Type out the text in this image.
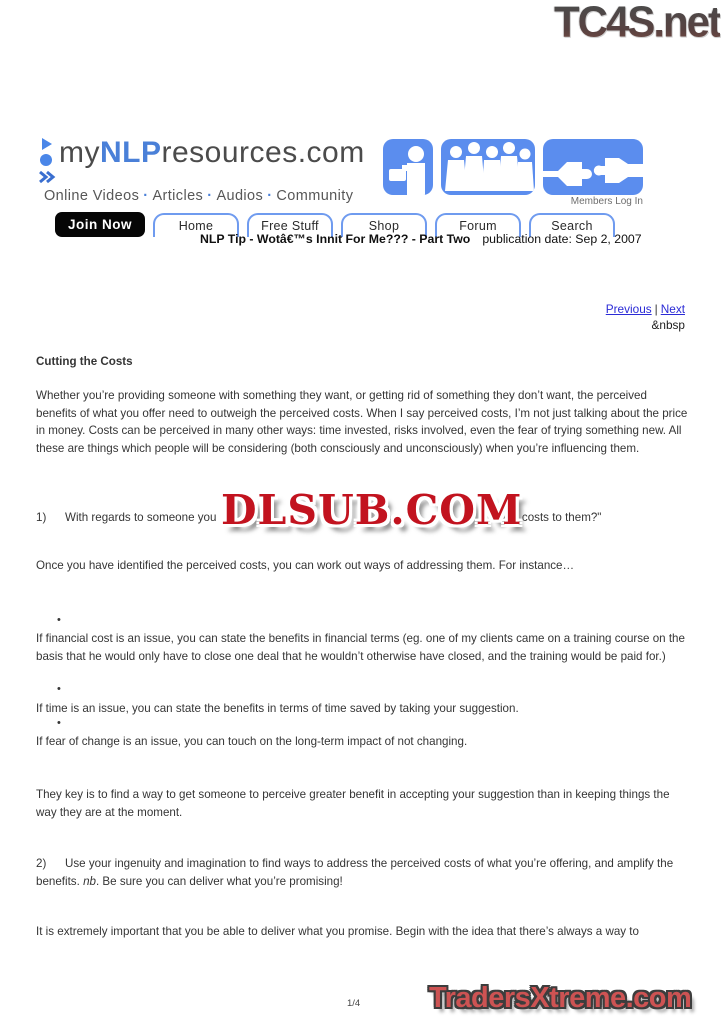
TC4S.net
myNLPresources.com
Online Videos · Articles · Audios · Community	Members Log In
Join Now	Home	Free Stuff	Shop	Forum	Search
NLP Tip - Wotâ€™s Innit For Me??? - Part Two publication date: Sep 2, 2007
Previous | Next
&nbsp
Cutting the Costs
Whether you’re providing someone with something they want, or getting rid of something they don’t want, the perceived benefits of what you offer need to outweigh the perceived costs. When I say perceived costs, I’m not just talking about the price in money. Costs can be perceived in many other ways: time invested, risks involved, even the fear of trying something new. All these are things which people will be considering (both consciously and unconsciously) when you’re influencing them.
1) With regards to someone you	ved costs to them?"
Once you have identified the perceived costs, you can work out ways of addressing them. For instance…
•
If financial cost is an issue, you can state the benefits in financial terms (eg. one of my clients came on a training course on the basis that he would only have to close one deal that he wouldn’t otherwise have closed, and the training would be paid for.)
•
If time is an issue, you can state the benefits in terms of time saved by taking your suggestion.
•
If fear of change is an issue, you can touch on the long-term impact of not changing.
They key is to find a way to get someone to perceive greater benefit in accepting your suggestion than in keeping things the way they are at the moment.
2) Use your ingenuity and imagination to find ways to address the perceived costs of what you’re offering, and amplify the benefits. nb. Be sure you can deliver what you’re promising!
It is extremely important that you be able to deliver what you promise. Begin with the idea that there’s always a way to
DLSUB.COM
1/4 TradersXtreme.com
